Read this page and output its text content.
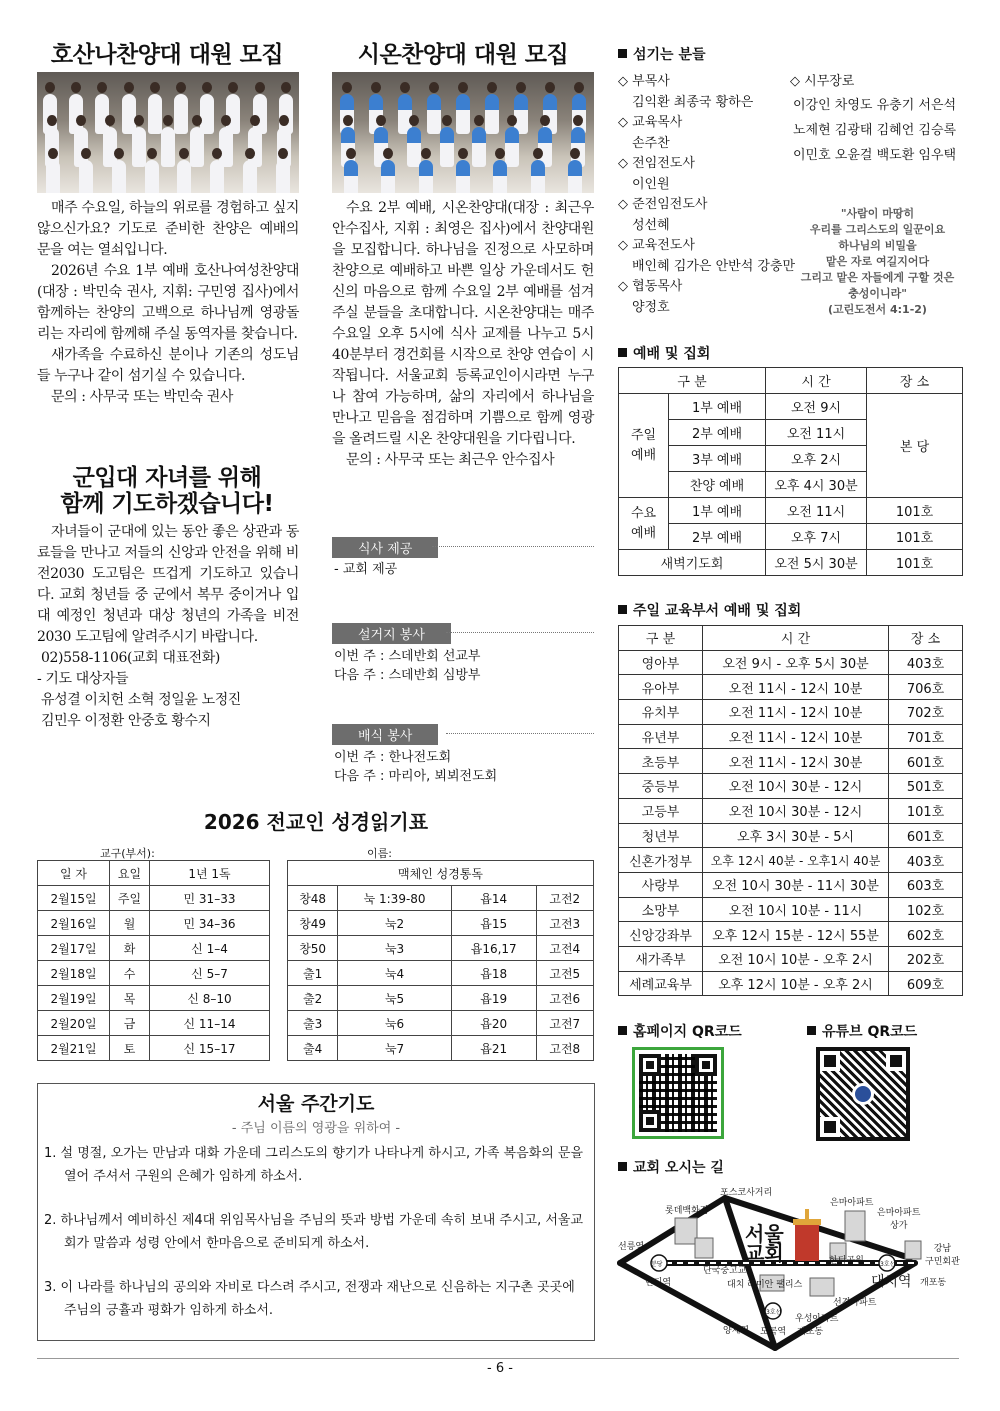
호산나찬양대 대원 모집

매주 수요일, 하늘의 위로를 경험하고 싶지 않으신가요? 기도로 준비한 찬양은 예배의 문을 여는 열쇠입니다.

2026년 수요 1부 예배 호산나여성찬양대(대장 : 박민숙 권사, 지휘: 구민영 집사)에서 함께하는 찬양의 고백으로 하나님께 영광돌리는 자리에 함께해 주실 동역자를 찾습니다.

새가족을 수료하신 분이나 기존의 성도님들 누구나 같이 섬기실 수 있습니다.

문의 : 사무국 또는 박민숙 권사

시온찬양대 대원 모집

수요 2부 예배, 시온찬양대(대장 : 최근우 안수집사, 지휘 : 최영은 집사)에서 찬양대원을 모집합니다. 하나님을 진정으로 사모하며 찬양으로 예배하고 바쁜 일상 가운데서도 헌신의 마음으로 함께 수요일 2부 예배를 섬겨주실 분들을 초대합니다. 시온찬양대는 매주 수요일 오후 5시에 식사 교제를 나누고 5시 40분부터 경건회를 시작으로 찬양 연습이 시작됩니다. 서울교회 등록교인이시라면 누구나 참여 가능하며, 삶의 자리에서 하나님을 만나고 믿음을 점검하며 기쁨으로 함께 영광을 올려드릴 시온 찬양대원을 기다립니다.

문의 : 사무국 또는 최근우 안수집사

군입대 자녀를 위해
함께 기도하겠습니다!

자녀들이 군대에 있는 동안 좋은 상관과 동료들을 만나고 저들의 신앙과 안전을 위해 비전2030 도고팀은 뜨겁게 기도하고 있습니다. 교회 청년들 중 군에서 복무 중이거나 입대 예정인 청년과 대상 청년의 가족을 비전2030 도고팀에 알려주시기 바랍니다.

02)558-1106(교회 대표전화)
- 기도 대상자들
유성결 이치헌 소혁 정일윤 노정진
김민우 이정환 안중호 황수지
식사 제공
- 교회 제공
설거지 봉사
이번 주 : 스데반회 선교부
다음 주 : 스데반회 심방부
배식 봉사
이번 주 : 한나전도회
다음 주 : 마리아, 뵈뵈전도회
2026 전교인 성경읽기표
교구(부서):	이름:
일 자	요일	1년 1독
2월15일	주일	민 31–33
2월16일	월	민 34–36
2월17일	화	신 1–4
2월18일	수	신 5–7
2월19일	목	신 8–10
2월20일	금	신 11–14
2월21일	토	신 15–17
맥체인 성경통독			
창48	눅 1:39-80	욥14	고전2
창49	눅2	욥15	고전3
창50	눅3	욥16,17	고전4
출1	눅4	욥18	고전5
출2	눅5	욥19	고전6
출3	눅6	욥20	고전7
출4	눅7	욥21	고전8
서울 주간기도
- 주님 이름의 영광을 위하여 -
1. 설 명절, 오가는 만남과 대화 가운데 그리스도의 향기가 나타나게 하시고, 가족 복음화의 문을 열어 주셔서 구원의 은혜가 임하게 하소서.
2. 하나님께서 예비하신 제4대 위임목사님을 주님의 뜻과 방법 가운데 속히 보내 주시고, 서울교회가 말씀과 성령 안에서 한마음으로 준비되게 하소서.
3. 이 나라를 하나님의 공의와 자비로 다스려 주시고, 전쟁과 재난으로 신음하는 지구촌 곳곳에 주님의 긍휼과 평화가 임하게 하소서.
섬기는 분들
◇ 부목사
김익환 최종국 황하은
◇ 교육목사
손주찬
◇ 전임전도사
이인원
◇ 준전임전도사
성선혜
◇ 교육전도사
배인혜 김가은 안반석 강충만
◇ 협동목사
양정호
◇ 시무장로
이강인 차영도 유충기 서은석
노제현 김광태 김혜언 김승록
이민호 오윤걸 백도환 임우택
"사람이 마땅히
우리를 그리스도의 일꾼이요
하나님의 비밀을
맡은 자로 여길지어다
그리고 맡은 자들에게 구할 것은
충성이니라"
(고린도전서 4:1-2)
예배 및 집회
구 분		시 간	장 소

주일
예배	1부 예배	오전 9시	본 당
	2부 예배	오전 11시	
	3부 예배	오후 2시	
	찬양 예배	오후 4시 30분	

수요
예배	1부 예배	오전 11시	101호
	2부 예배	오후 7시	101호
새벽기도회		오전 5시 30분	101호
주일 교육부서 예배 및 집회
구 분	시 간	장 소
영아부	오전 9시 - 오후 5시 30분	403호
유아부	오전 11시 - 12시 10분	706호
유치부	오전 11시 - 12시 10분	702호
유년부	오전 11시 - 12시 10분	701호
초등부	오전 11시 - 12시 30분	601호
중등부	오전 10시 30분 - 12시	501호
고등부	오전 10시 30분 - 12시	101호
청년부	오후 3시 30분 - 5시	601호
신혼가정부	오후 12시 40분 - 오후1시 40분	403호
사랑부	오전 10시 30분 - 11시 30분	603호
소망부	오전 10시 10분 - 11시	102호
신앙강좌부	오후 12시 15분 - 12시 55분	602호
새가족부	오전 10시 10분 - 오후 2시	202호
세례교육부	오후 12시 10분 - 오후 2시	609호
홈페이지 QR코드	유튜브 QR코드
교회 오시는 길
포스코사거리
롯데백화점
은마아파트
은마아파트
상가
선릉역
분당
한티역
단국중고교
서울
교회
대치 래미안 팰리스
한티공원	3호선
대치역
강남
구민회관
개포동
선경아파트
3호선
우성아파트
개포동
양재역 도곡역
- 6 -
